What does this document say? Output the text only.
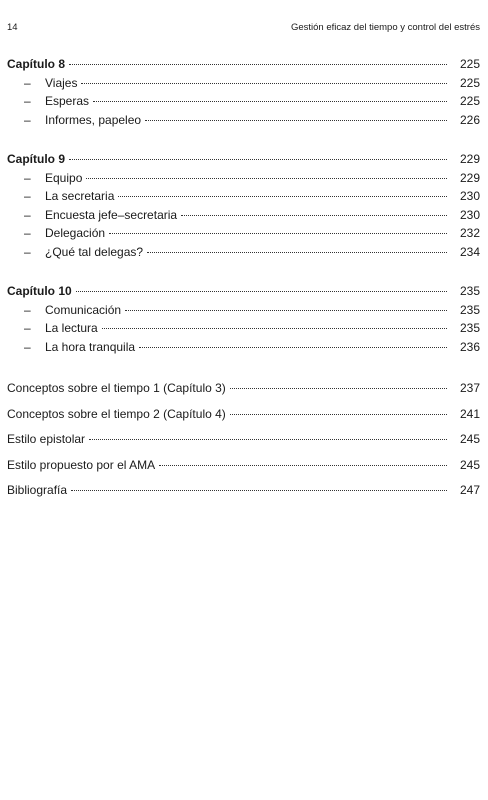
14	Gestión eficaz del tiempo y control del estrés
Capítulo 8	225
–	Viajes	225
–	Esperas	225
–	Informes, papeleo	226
Capítulo 9	229
–	Equipo	229
–	La secretaria	230
–	Encuesta jefe–secretaria	230
–	Delegación	232
–	¿Qué tal delegas?	234
Capítulo 10	235
–	Comunicación	235
–	La lectura	235
–	La hora tranquila	236
Conceptos sobre el tiempo 1 (Capítulo 3)	237
Conceptos sobre el tiempo 2 (Capítulo 4)	241
Estilo epistolar	245
Estilo propuesto por el AMA	245
Bibliografía	247
